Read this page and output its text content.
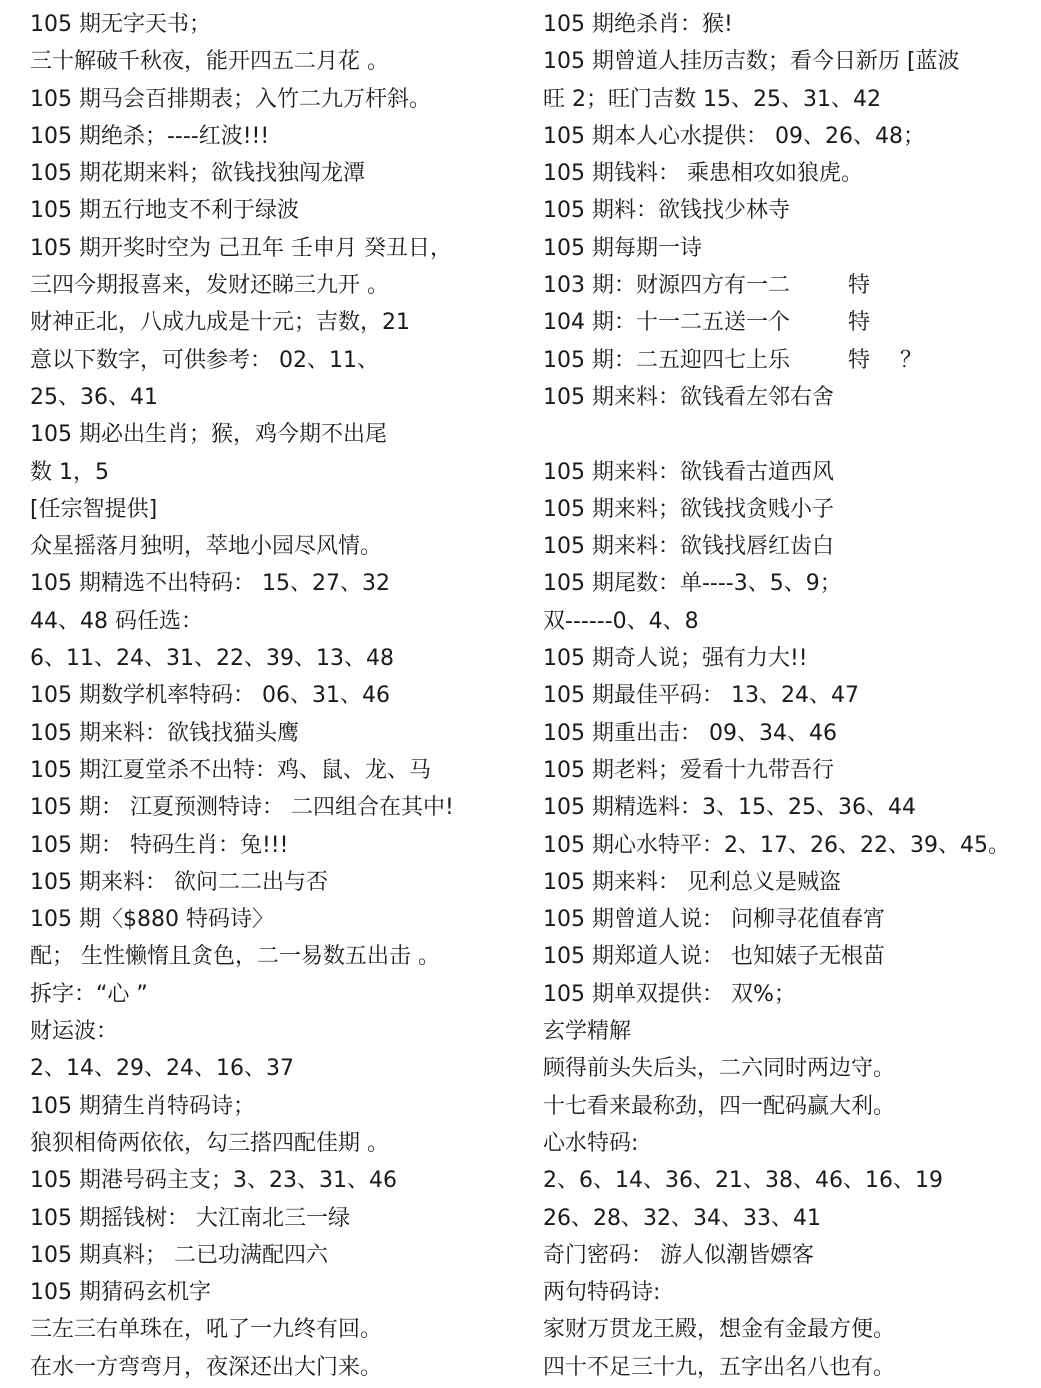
105 期无字天书；
三十解破千秋夜，能开四五二月花 。
105 期马会百排期表；入竹二九万杆斜。
105 期绝杀；----红波!!!
105 期花期来料；欲钱找独闯龙潭
105 期五行地支不利于绿波
105 期开奖时空为 己丑年 壬申月 癸丑日，
三四今期报喜来，发财还睇三九开 。
财神正北，八成九成是十元；吉数，21
意以下数字，可供参考： 02、11、
25、36、41
105 期必出生肖；猴，鸡今期不出尾
数 1，5
[任宗智提供]
众星摇落月独明，萃地小园尽风情。
105 期精选不出特码： 15、27、32
44、48 码任选：
6、11、24、31、22、39、13、48
105 期数学机率特码： 06、31、46
105 期来料：欲钱找猫头鹰
105 期江夏堂杀不出特：鸡、鼠、龙、马
105 期： 江夏预测特诗： 二四组合在其中!
105 期： 特码生肖：兔!!!
105 期来料： 欲问二二出与否
105 期〈$880 特码诗〉
配； 生性懒惰且贪色，二一易数五出击 。
拆字：“心 ”
财运波：
2、14、29、24、16、37
105 期猜生肖特码诗；
狼狈相倚两依依，勾三搭四配佳期 。
105 期港号码主支；3、23、31、46
105 期摇钱树： 大江南北三一绿
105 期真料； 二已功满配四六
105 期猜码玄机字
三左三右单珠在，吼了一九终有回。
在水一方弯弯月，夜深还出大门来。
105 期绝杀肖：猴!
105 期曾道人挂历吉数；看今日新历 [蓝波
旺 2；旺门吉数 15、25、31、42
105 期本人心水提供： 09、26、48；
105 期钱料： 乘患相攻如狼虎。
105 期料：欲钱找少林寺
105 期每期一诗
103 期：财源四方有一二	特
104 期：十一二五送一个	特
105 期：二五迎四七上乐	特 ？
105 期来料：欲钱看左邻右舍
105 期来料：欲钱看古道西风
105 期来料；欲钱找贪贱小子
105 期来料：欲钱找唇红齿白
105 期尾数：单----3、5、9；
双------0、4、8
105 期奇人说；强有力大!!
105 期最佳平码： 13、24、47
105 期重出击： 09、34、46
105 期老料；爱看十九带吾行
105 期精选料：3、15、25、36、44
105 期心水特平：2、17、26、22、39、45。
105 期来料： 见利总义是贼盗
105 期曾道人说： 问柳寻花值春宵
105 期郑道人说： 也知婊子无根苗
105 期单双提供： 双%；
玄学精解
顾得前头失后头，二六同时两边守。
十七看来最称劲，四一配码赢大利。
心水特码:
2、6、14、36、21、38、46、16、19
26、28、32、34、33、41
奇门密码： 游人似潮皆嫖客
两句特码诗:
家财万贯龙王殿，想金有金最方便。
四十不足三十九，五字出名八也有。
